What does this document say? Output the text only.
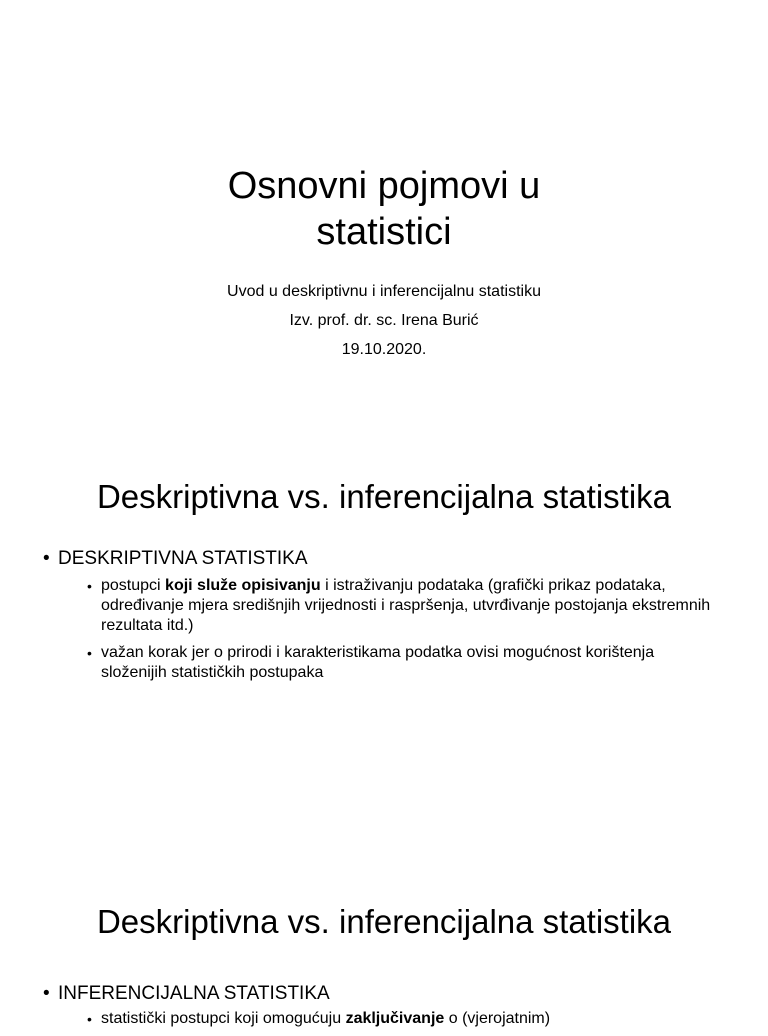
Osnovni pojmovi u
statistici
Uvod u deskriptivnu i inferencijalnu statistiku
Izv. prof. dr. sc. Irena Burić
19.10.2020.
Deskriptivna vs. inferencijalna statistika
• DESKRIPTIVNA STATISTIKA
• postupci koji služe opisivanju i istraživanju podataka (grafički prikaz podataka, određivanje mjera središnjih vrijednosti i raspršenja, utvrđivanje postojanja ekstremnih rezultata itd.)
• važan korak jer o prirodi i karakteristikama podatka ovisi mogućnost korištenja složenijih statističkih postupaka
Deskriptivna vs. inferencijalna statistika
• INFERENCIJALNA STATISTIKA
• statistički postupci koji omogućuju zaključivanje o (vjerojatnim)
